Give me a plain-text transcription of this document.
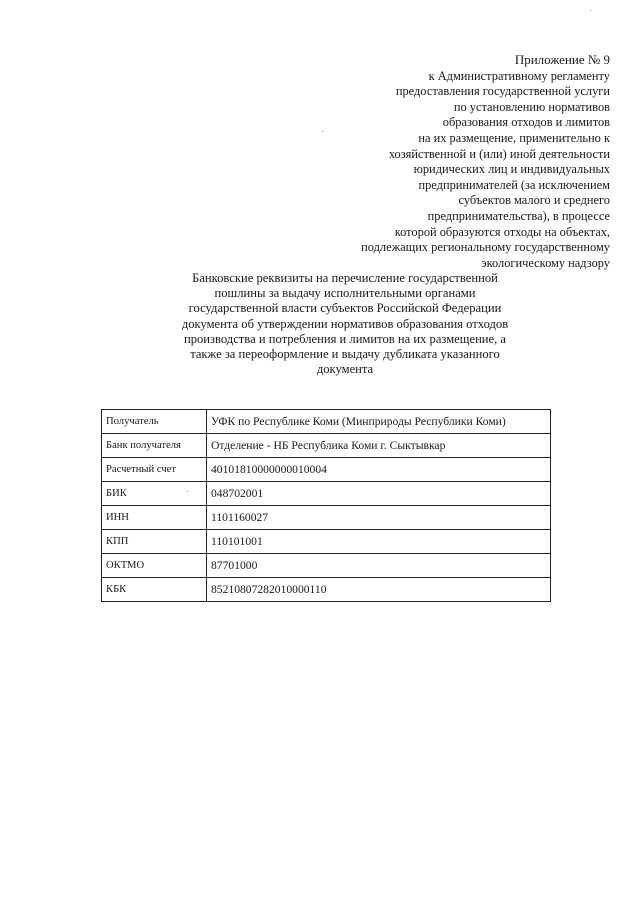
Приложение № 9
к Административному регламенту
предоставления государственной услуги
по установлению нормативов
образования отходов и лимитов
на их размещение, применительно к
хозяйственной и (или) иной деятельности
юридических лиц и индивидуальных
предпринимателей (за исключением
субъектов малого и среднего
предпринимательства), в процессе
которой образуются отходы на объектах,
подлежащих региональному государственному
экологическому надзору
Банковские реквизиты на перечисление государственной
пошлины за выдачу исполнительными органами
государственной власти субъектов Российской Федерации
документа об утверждении нормативов образования отходов
производства и потребления и лимитов на их размещение, а
также за переоформление и выдачу дубликата указанного
документа
Получатель	УФК по Республике Коми (Минприроды Республики Коми)
Банк получателя	Отделение - НБ Республика Коми г. Сыктывкар
Расчетный счет	40101810000000010004
БИК	048702001
ИНН	1101160027
КПП	110101001
ОКТМО	87701000
КБК	85210807282010000110
